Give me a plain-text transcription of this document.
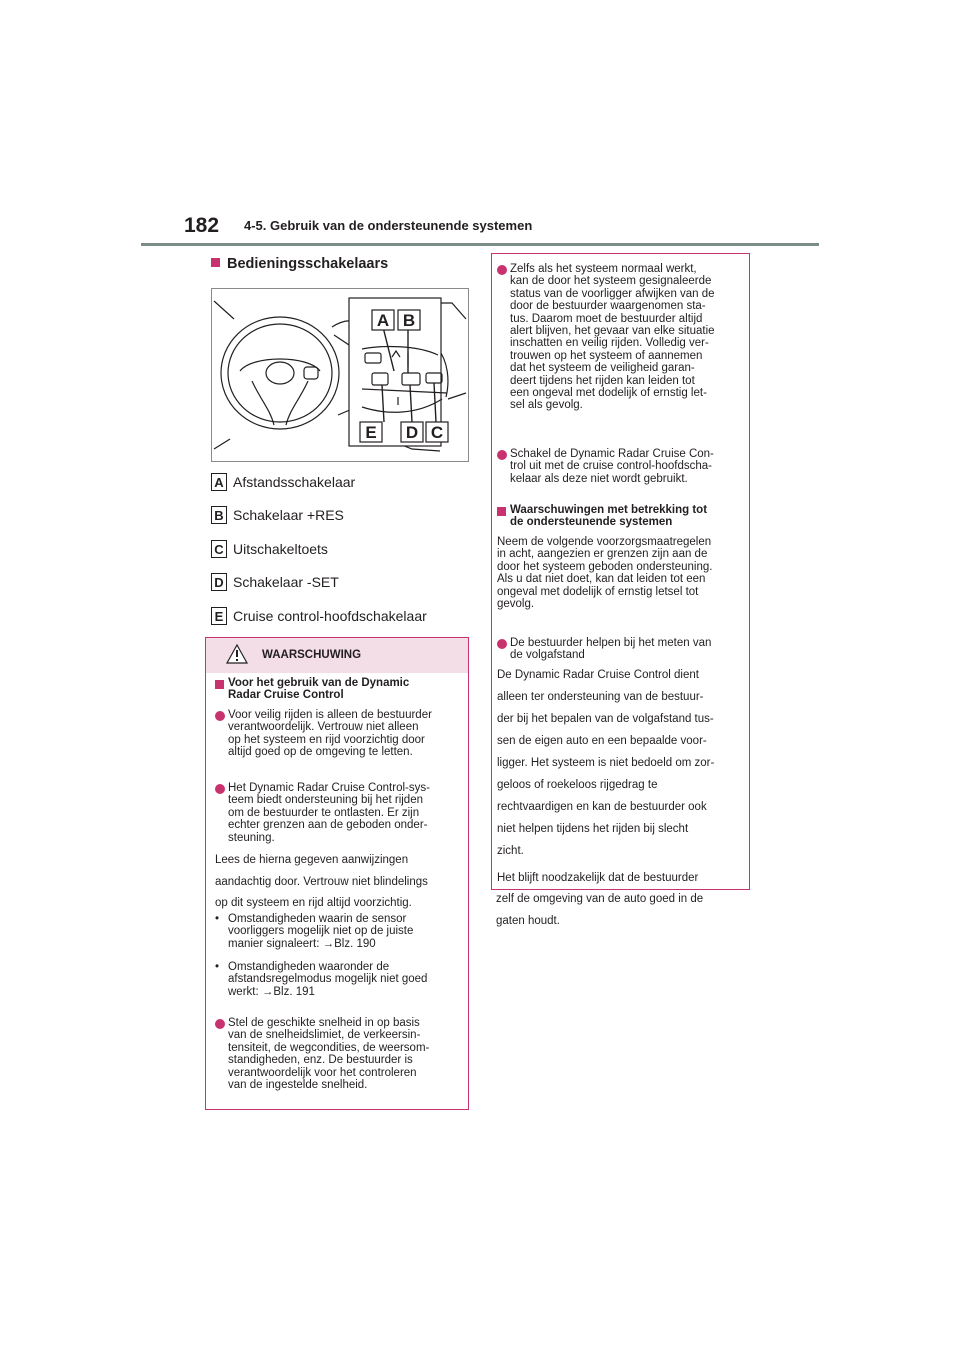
182 4-5. Gebruik van de ondersteunende systemen
Bedieningsschakelaars
A B
E D C
A Afstandsschakelaar
B Schakelaar +RES
C Uitschakeltoets
D Schakelaar -SET
E Cruise control-hoofdschakelaar
WAARSCHUWING
Voor het gebruik van de Dynamic
Radar Cruise Control
Voor veilig rijden is alleen de bestuurder
verantwoordelijk. Vertrouw niet alleen
op het systeem en rijd voorzichtig door
altijd goed op de omgeving te letten.
Het Dynamic Radar Cruise Control-sys-
teem biedt ondersteuning bij het rijden
om de bestuurder te ontlasten. Er zijn
echter grenzen aan de geboden onder-
steuning.
Lees de hierna gegeven aanwijzingen
aandachtig door. Vertrouw niet blindelings
op dit systeem en rijd altijd voorzichtig.
• Omstandigheden waarin de sensor
voorliggers mogelijk niet op de juiste
manier signaleert: →Blz. 190
• Omstandigheden waaronder de
afstandsregelmodus mogelijk niet goed
werkt: →Blz. 191
Stel de geschikte snelheid in op basis
van de snelheidslimiet, de verkeersin-
tensiteit, de wegcondities, de weersom-
standigheden, enz. De bestuurder is
verantwoordelijk voor het controleren
van de ingestelde snelheid.
Zelfs als het systeem normaal werkt,
kan de door het systeem gesignaleerde
status van de voorligger afwijken van de
door de bestuurder waargenomen sta-
tus. Daarom moet de bestuurder altijd
alert blijven, het gevaar van elke situatie
inschatten en veilig rijden. Volledig ver-
trouwen op het systeem of aannemen
dat het systeem de veiligheid garan-
deert tijdens het rijden kan leiden tot
een ongeval met dodelijk of ernstig let-
sel als gevolg.
Schakel de Dynamic Radar Cruise Con-
trol uit met de cruise control-hoofdscha-
kelaar als deze niet wordt gebruikt.
Waarschuwingen met betrekking tot
de ondersteunende systemen
Neem de volgende voorzorgsmaatregelen
in acht, aangezien er grenzen zijn aan de
door het systeem geboden ondersteuning.
Als u dat niet doet, kan dat leiden tot een
ongeval met dodelijk of ernstig letsel tot
gevolg.
De bestuurder helpen bij het meten van
de volgafstand
De Dynamic Radar Cruise Control dient
alleen ter ondersteuning van de bestuur-
der bij het bepalen van de volgafstand tus-
sen de eigen auto en een bepaalde voor-
ligger. Het systeem is niet bedoeld om zor-
geloos of roekeloos rijgedrag te
rechtvaardigen en kan de bestuurder ook
niet helpen tijdens het rijden bij slecht
zicht.
Het blijft noodzakelijk dat de bestuurder
zelf de omgeving van de auto goed in de
gaten houdt.
